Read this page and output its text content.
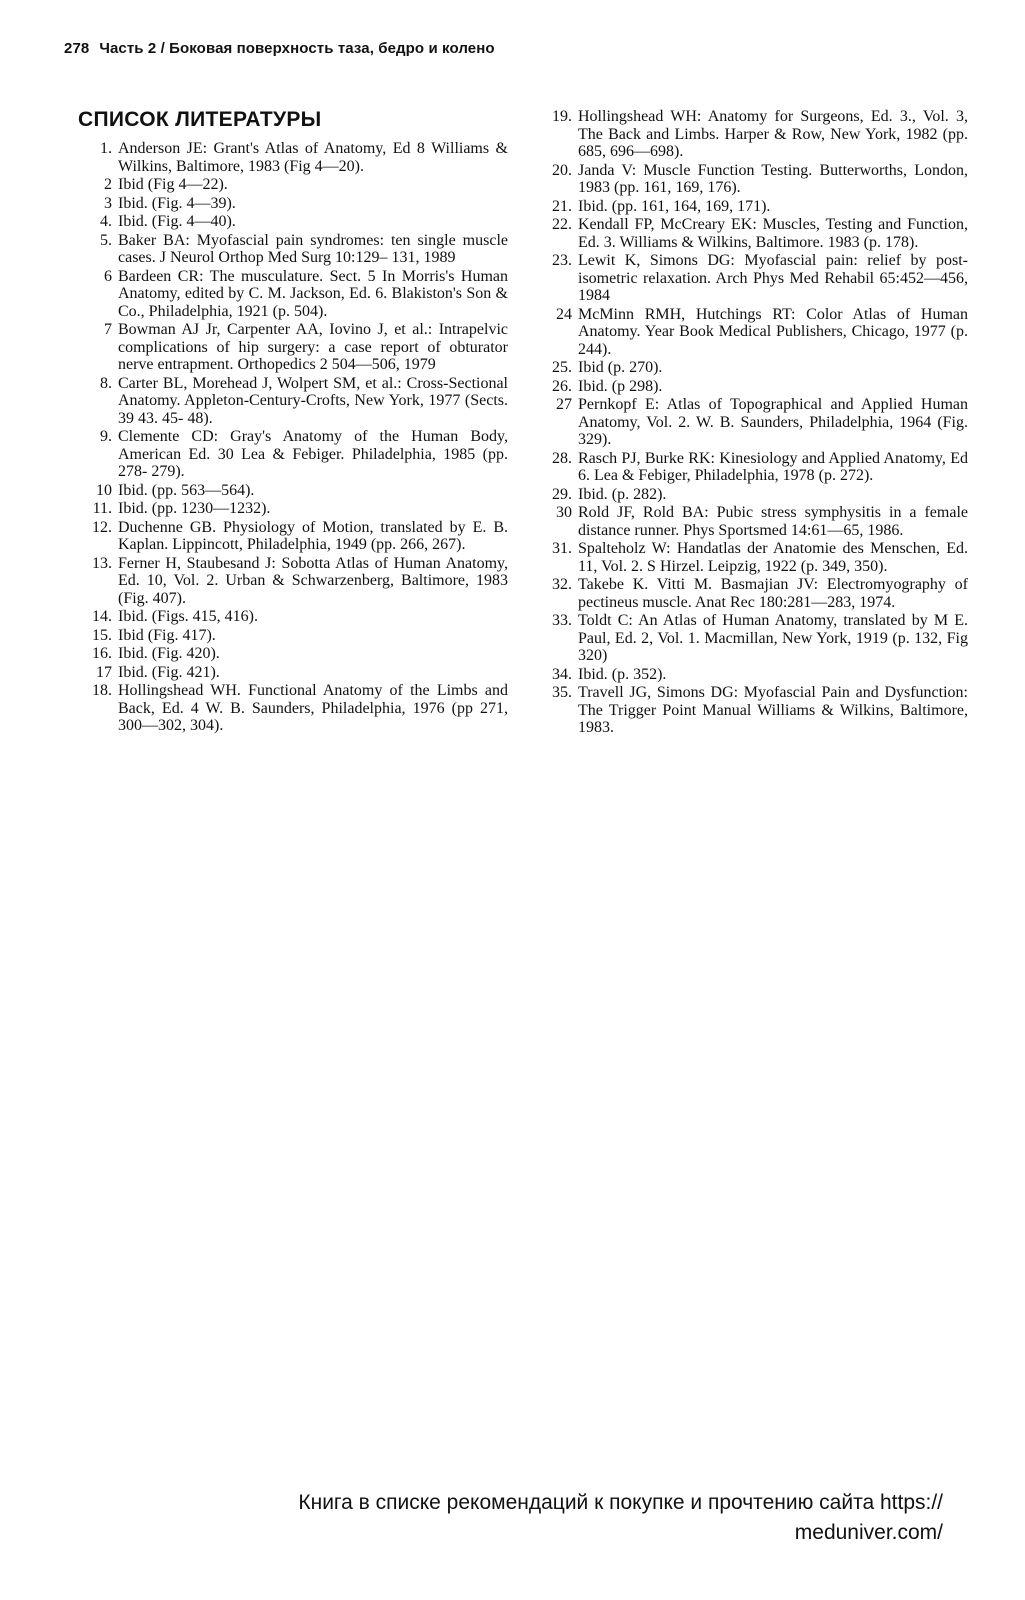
278 Часть 2 / Боковая поверхность таза, бедро и колено
СПИСОК ЛИТЕРАТУРЫ
1. Anderson JE: Grant's Atlas of Anatomy, Ed 8 Williams & Wilkins, Baltimore, 1983 (Fig 4—20).
2 Ibid (Fig 4—22).
3 Ibid. (Fig. 4—39).
4. Ibid. (Fig. 4—40).
5. Baker BA: Myofascial pain syndromes: ten single muscle cases. J Neurol Orthop Med Surg 10:129– 131, 1989
6 Bardeen CR: The musculature. Sect. 5 In Morris's Human Anatomy, edited by C. M. Jackson, Ed. 6. Blakiston's Son & Co., Philadelphia, 1921 (p. 504).
7 Bowman AJ Jr, Carpenter AA, Iovino J, et al.: Intrapelvic complications of hip surgery: a case report of obturator nerve entrapment. Orthopedics 2 504—506, 1979
8. Carter BL, Morehead J, Wolpert SM, et al.: Cross-Sectional Anatomy. Appleton-Century-Crofts, New York, 1977 (Sects. 39 43. 45- 48).
9. Clemente CD: Gray's Anatomy of the Human Body, American Ed. 30 Lea & Febiger. Philadelphia, 1985 (pp. 278- 279).
10 Ibid. (pp. 563—564).
11. Ibid. (pp. 1230—1232).
12. Duchenne GB. Physiology of Motion, translated by E. B. Kaplan. Lippincott, Philadelphia, 1949 (pp. 266, 267).
13. Ferner H, Staubesand J: Sobotta Atlas of Human Anatomy, Ed. 10, Vol. 2. Urban & Schwarzenberg, Baltimore, 1983 (Fig. 407).
14. Ibid. (Figs. 415, 416).
15. Ibid (Fig. 417).
16. Ibid. (Fig. 420).
17 Ibid. (Fig. 421).
18. Hollingshead WH. Functional Anatomy of the Limbs and Back, Ed. 4 W. B. Saunders, Philadelphia, 1976 (pp 271, 300—302, 304).
19. Hollingshead WH: Anatomy for Surgeons, Ed. 3., Vol. 3, The Back and Limbs. Harper & Row, New York, 1982 (pp. 685, 696—698).
20. Janda V: Muscle Function Testing. Butterworths, London, 1983 (pp. 161, 169, 176).
21. Ibid. (pp. 161, 164, 169, 171).
22. Kendall FP, McCreary EK: Muscles, Testing and Function, Ed. 3. Williams & Wilkins, Baltimore. 1983 (p. 178).
23. Lewit K, Simons DG: Myofascial pain: relief by post-isometric relaxation. Arch Phys Med Rehabil 65:452—456, 1984
24 McMinn RMH, Hutchings RT: Color Atlas of Human Anatomy. Year Book Medical Publishers, Chicago, 1977 (p. 244).
25. Ibid (p. 270).
26. Ibid. (p 298).
27 Pernkopf E: Atlas of Topographical and Applied Human Anatomy, Vol. 2. W. B. Saunders, Philadelphia, 1964 (Fig. 329).
28. Rasch PJ, Burke RK: Kinesiology and Applied Anatomy, Ed 6. Lea & Febiger, Philadelphia, 1978 (p. 272).
29. Ibid. (p. 282).
30 Rold JF, Rold BA: Pubic stress symphysitis in a female distance runner. Phys Sportsmed 14:61—65, 1986.
31. Spalteholz W: Handatlas der Anatomie des Menschen, Ed. 11, Vol. 2. S Hirzel. Leipzig, 1922 (p. 349, 350).
32. Takebe K. Vitti M. Basmajian JV: Electromyography of pectineus muscle. Anat Rec 180:281—283, 1974.
33. Toldt C: An Atlas of Human Anatomy, translated by M E. Paul, Ed. 2, Vol. 1. Macmillan, New York, 1919 (p. 132, Fig 320)
34. Ibid. (p. 352).
35. Travell JG, Simons DG: Myofascial Pain and Dysfunction: The Trigger Point Manual Williams & Wilkins, Baltimore, 1983.
Книга в списке рекомендаций к покупке и прочтению сайта https://
meduniver.com/
